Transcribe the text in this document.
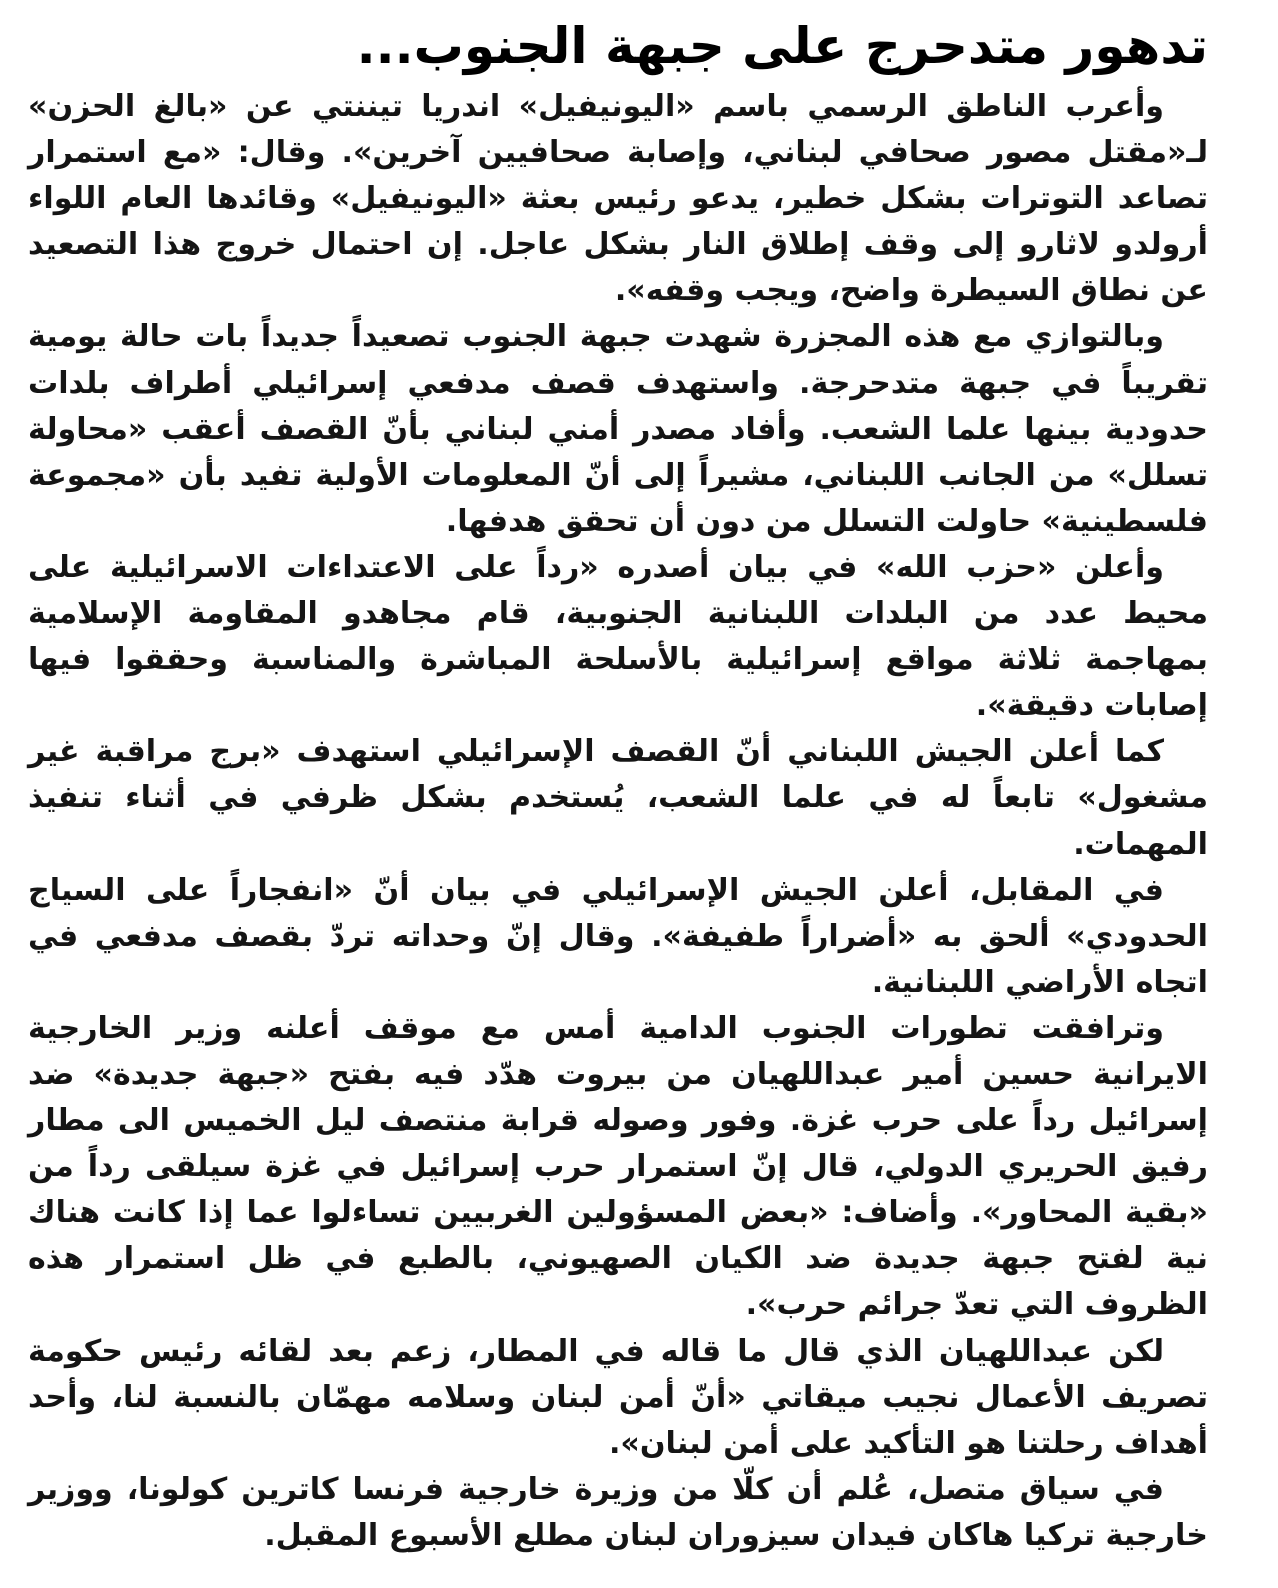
تدهور متدحرج على جبهة الجنوب...

وأعرب الناطق الرسمي باسم «اليونيفيل» اندريا تيننتي عن «بالغ الحزن» لـ«مقتل مصور صحافي لبناني، وإصابة صحافيين آخرين». وقال: «مع استمرار تصاعد التوترات بشكل خطير، يدعو رئيس بعثة «اليونيفيل» وقائدها العام اللواء أرولدو لاثارو إلى وقف إطلاق النار بشكل عاجل. إن احتمال خروج هذا التصعيد عن نطاق السيطرة واضح، ويجب وقفه».

وبالتوازي مع هذه المجزرة شهدت جبهة الجنوب تصعيداً جديداً بات حالة يومية تقريباً في جبهة متدحرجة. واستهدف قصف مدفعي إسرائيلي أطراف بلدات حدودية بينها علما الشعب. وأفاد مصدر أمني لبناني بأنّ القصف أعقب «محاولة تسلل» من الجانب اللبناني، مشيراً إلى أنّ المعلومات الأولية تفيد بأن «مجموعة فلسطينية» حاولت التسلل من دون أن تحقق هدفها.

وأعلن «حزب الله» في بيان أصدره «رداً على الاعتداءات الاسرائيلية على محيط عدد من البلدات اللبنانية الجنوبية، قام مجاهدو المقاومة الإسلامية بمهاجمة ثلاثة مواقع إسرائيلية بالأسلحة المباشرة والمناسبة وحققوا فيها إصابات دقيقة».

كما أعلن الجيش اللبناني أنّ القصف الإسرائيلي استهدف «برج مراقبة غير مشغول» تابعاً له في علما الشعب، يُستخدم بشكل ظرفي في أثناء تنفيذ المهمات.

في المقابل، أعلن الجيش الإسرائيلي في بيان أنّ «انفجاراً على السياج الحدودي» ألحق به «أضراراً طفيفة». وقال إنّ وحداته تردّ بقصف مدفعي في اتجاه الأراضي اللبنانية.

وترافقت تطورات الجنوب الدامية أمس مع موقف أعلنه وزير الخارجية الايرانية حسين أمير عبداللهيان من بيروت هدّد فيه بفتح «جبهة جديدة» ضد إسرائيل رداً على حرب غزة. وفور وصوله قرابة منتصف ليل الخميس الى مطار رفيق الحريري الدولي، قال إنّ استمرار حرب إسرائيل في غزة سيلقى رداً من «بقية المحاور». وأضاف: «بعض المسؤولين الغربيين تساءلوا عما إذا كانت هناك نية لفتح جبهة جديدة ضد الكيان الصهيوني، بالطبع في ظل استمرار هذه الظروف التي تعدّ جرائم حرب».

لكن عبداللهيان الذي قال ما قاله في المطار، زعم بعد لقائه رئيس حكومة تصريف الأعمال نجيب ميقاتي «أنّ أمن لبنان وسلامه مهمّان بالنسبة لنا، وأحد أهداف رحلتنا هو التأكيد على أمن لبنان».

في سياق متصل، عُلم أن كلّا من وزيرة خارجية فرنسا كاترين كولونا، ووزير خارجية تركيا هاكان فيدان سيزوران لبنان مطلع الأسبوع المقبل.
